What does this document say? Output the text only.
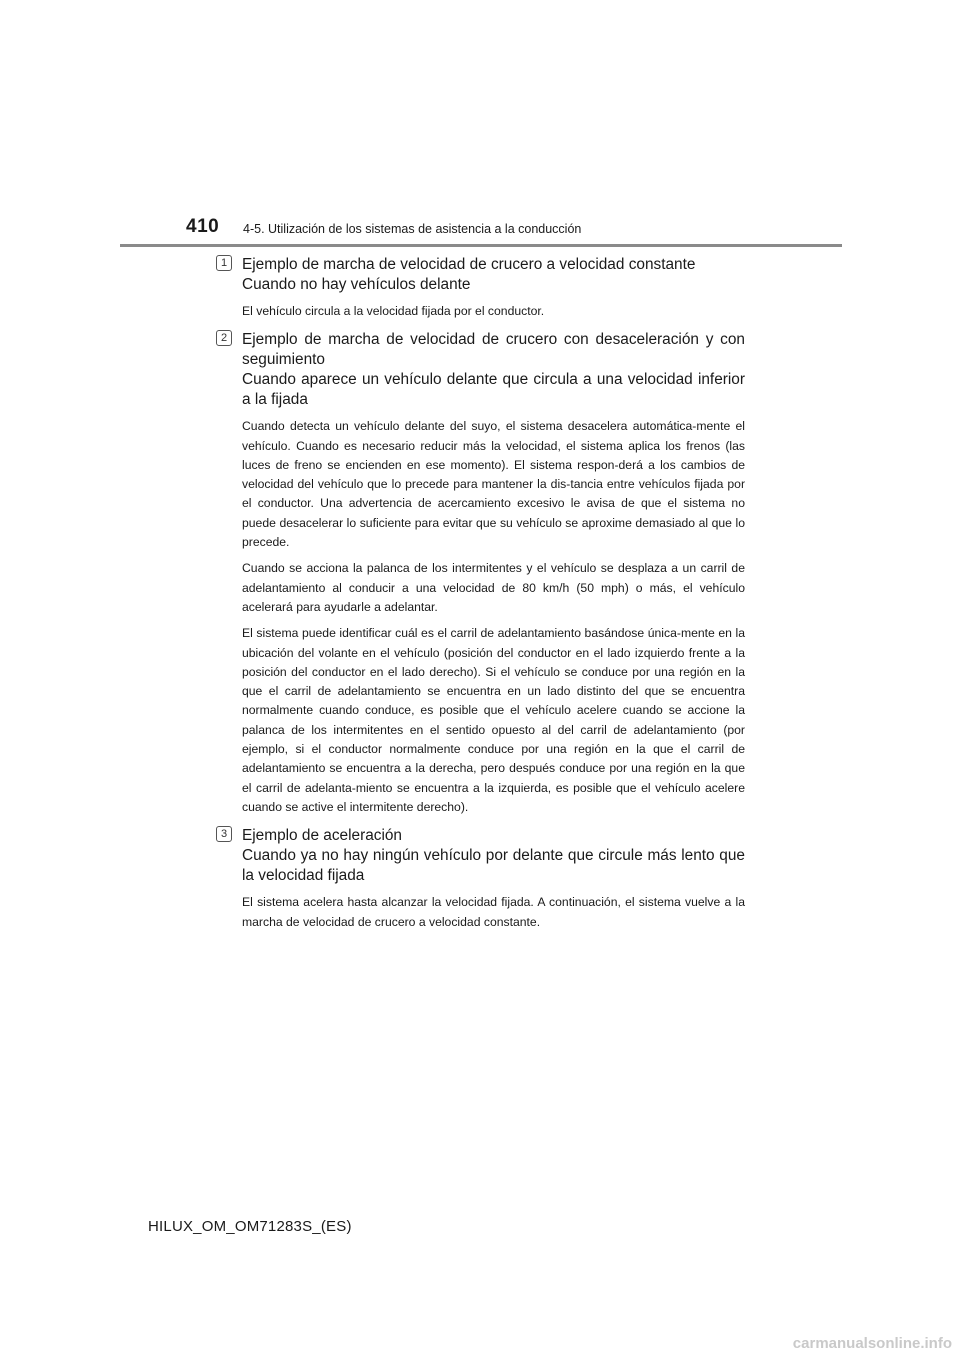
410 4-5. Utilización de los sistemas de asistencia a la conducción
1 Ejemplo de marcha de velocidad de crucero a velocidad constante
Cuando no hay vehículos delante

El vehículo circula a la velocidad fijada por el conductor.

2 Ejemplo de marcha de velocidad de crucero con desaceleración y con seguimiento
Cuando aparece un vehículo delante que circula a una velocidad inferior a la fijada

Cuando detecta un vehículo delante del suyo, el sistema desacelera automática-mente el vehículo. Cuando es necesario reducir más la velocidad, el sistema aplica los frenos (las luces de freno se encienden en ese momento). El sistema respon-derá a los cambios de velocidad del vehículo que lo precede para mantener la dis-tancia entre vehículos fijada por el conductor. Una advertencia de acercamiento excesivo le avisa de que el sistema no puede desacelerar lo suficiente para evitar que su vehículo se aproxime demasiado al que lo precede.

Cuando se acciona la palanca de los intermitentes y el vehículo se desplaza a un carril de adelantamiento al conducir a una velocidad de 80 km/h (50 mph) o más, el vehículo acelerará para ayudarle a adelantar.

El sistema puede identificar cuál es el carril de adelantamiento basándose única-mente en la ubicación del volante en el vehículo (posición del conductor en el lado izquierdo frente a la posición del conductor en el lado derecho). Si el vehículo se conduce por una región en la que el carril de adelantamiento se encuentra en un lado distinto del que se encuentra normalmente cuando conduce, es posible que el vehículo acelere cuando se accione la palanca de los intermitentes en el sentido opuesto al del carril de adelantamiento (por ejemplo, si el conductor normalmente conduce por una región en la que el carril de adelantamiento se encuentra a la derecha, pero después conduce por una región en la que el carril de adelanta-miento se encuentra a la izquierda, es posible que el vehículo acelere cuando se active el intermitente derecho).

3 Ejemplo de aceleración
Cuando ya no hay ningún vehículo por delante que circule más lento que la velocidad fijada

El sistema acelera hasta alcanzar la velocidad fijada. A continuación, el sistema vuelve a la marcha de velocidad de crucero a velocidad constante.

HILUX_OM_OM71283S_(ES)
carmanualsonline.info
